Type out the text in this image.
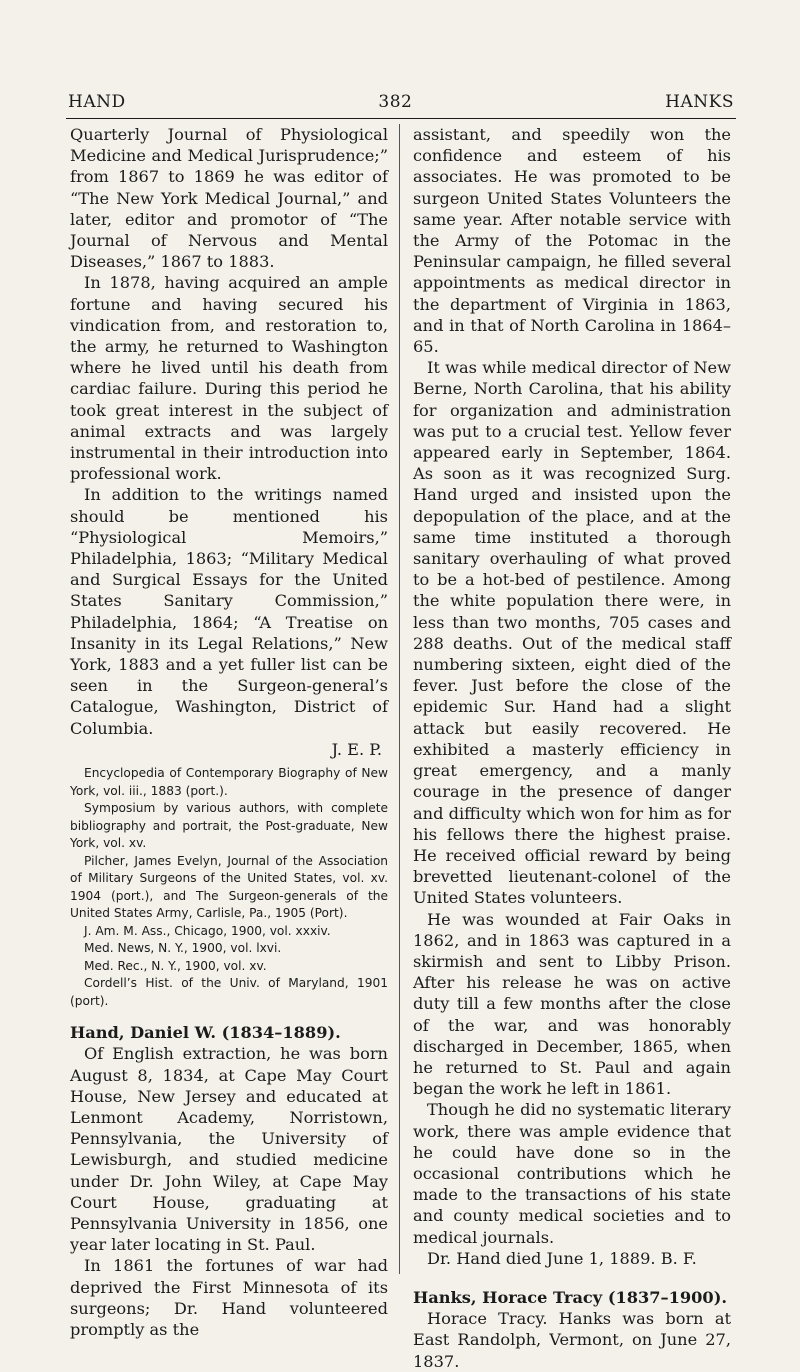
HAND	382	HANKS

Quarterly Journal of Physiological Medicine and Medical Jurisprudence;” from 1867 to 1869 he was editor of “The New York Medical Journal,” and later, editor and promotor of “The Journal of Nervous and Mental Diseases,” 1867 to 1883.

In 1878, having acquired an ample fortune and having secured his vindication from, and restoration to, the army, he returned to Washington where he lived until his death from cardiac failure. During this period he took great interest in the subject of animal extracts and was largely instrumental in their introduction into professional work.

In addition to the writings named should be mentioned his “Physiological Memoirs,” Philadelphia, 1863; “Military Medical and Surgical Essays for the United States Sanitary Commission,” Philadelphia, 1864; “A Treatise on Insanity in its Legal Relations,” New York, 1883 and a yet fuller list can be seen in the Surgeon-general’s Catalogue, Washington, District of Columbia.

J. E. P.

Encyclopedia of Contemporary Biography of New York, vol. iii., 1883 (port.).

Symposium by various authors, with complete bibliography and portrait, the Post-graduate, New York, vol. xv.

Pilcher, James Evelyn, Journal of the Association of Military Surgeons of the United States, vol. xv. 1904 (port.), and The Surgeon-generals of the United States Army, Carlisle, Pa., 1905 (Port).

J. Am. M. Ass., Chicago, 1900, vol. xxxiv.

Med. News, N. Y., 1900, vol. lxvi.

Med. Rec., N. Y., 1900, vol. xv.

Cordell’s Hist. of the Univ. of Maryland, 1901 (port).

Hand, Daniel W. (1834–1889).

Of English extraction, he was born August 8, 1834, at Cape May Court House, New Jersey and educated at Lenmont Academy, Norristown, Pennsylvania, the University of Lewisburgh, and studied medicine under Dr. John Wiley, at Cape May Court House, graduating at Pennsylvania University in 1856, one year later locating in St. Paul.

In 1861 the fortunes of war had deprived the First Minnesota of its surgeons; Dr. Hand volunteered promptly as the

assistant, and speedily won the confidence and esteem of his associates. He was promoted to be surgeon United States Volunteers the same year. After notable service with the Army of the Potomac in the Peninsular campaign, he filled several appointments as medical director in the department of Virginia in 1863, and in that of North Carolina in 1864–65.

It was while medical director of New Berne, North Carolina, that his ability for organization and administration was put to a crucial test. Yellow fever appeared early in September, 1864. As soon as it was recognized Surg. Hand urged and insisted upon the depopulation of the place, and at the same time instituted a thorough sanitary overhauling of what proved to be a hot-bed of pestilence. Among the white population there were, in less than two months, 705 cases and 288 deaths. Out of the medical staff numbering sixteen, eight died of the fever. Just before the close of the epidemic Sur. Hand had a slight attack but easily recovered. He exhibited a masterly efficiency in great emergency, and a manly courage in the presence of danger and difficulty which won for him as for his fellows there the highest praise. He received official reward by being brevetted lieutenant-colonel of the United States volunteers.

He was wounded at Fair Oaks in 1862, and in 1863 was captured in a skirmish and sent to Libby Prison. After his release he was on active duty till a few months after the close of the war, and was honorably discharged in December, 1865, when he returned to St. Paul and again began the work he left in 1861.

Though he did no systematic literary work, there was ample evidence that he could have done so in the occasional contributions which he made to the transactions of his state and county medical societies and to medical journals.

Dr. Hand died June 1, 1889. B. F.

Hanks, Horace Tracy (1837–1900).

Horace Tracy. Hanks was born at East Randolph, Vermont, on June 27, 1837.
